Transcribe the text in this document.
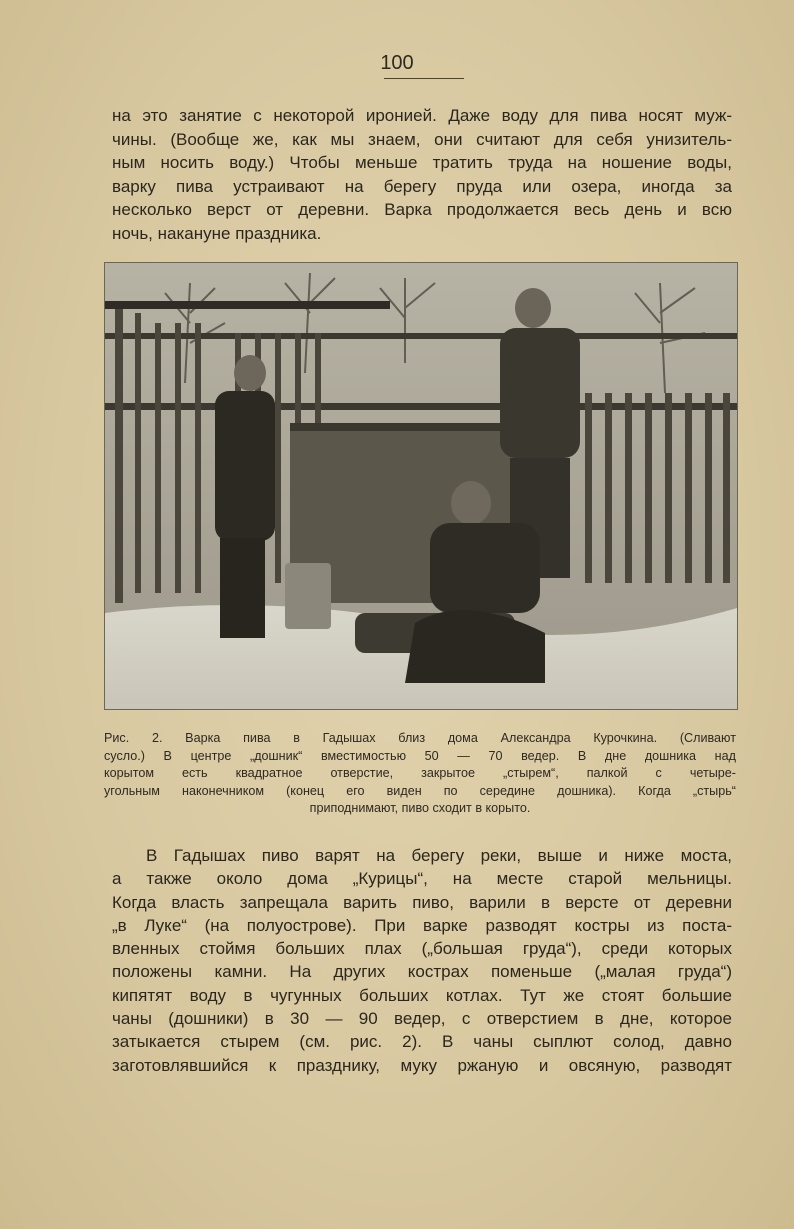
100
на это занятие с некоторой иронией. Даже воду для пива носят муж-
чины. (Вообще же, как мы знаем, они считают для себя унизитель-
ным носить воду.) Чтобы меньше тратить труда на ношение воды,
варку пива устраивают на берегу пруда или озера, иногда за
несколько верст от деревни. Варка продолжается весь день и всю
ночь, накануне праздника.
Рис. 2. Варка пива в Гадышах близ дома Александра Курочкина. (Сливают
сусло.) В центре „дошник“ вместимостью 50 — 70 ведер. В дне дошника над
корытом есть квадратное отверстие, закрытое „стырем“, палкой с четыре-
угольным наконечником (конец его виден по середине дошника). Когда „стырь“
приподнимают, пиво сходит в корыто.
В Гадышах пиво варят на берегу реки, выше и ниже моста,
а также около дома „Курицы“, на месте старой мельницы.
Когда власть запрещала варить пиво, варили в версте от деревни
„в Луке“ (на полуострове). При варке разводят костры из поста-
вленных стоймя больших плах („большая груда“), среди которых
положены камни. На других кострах поменьше („малая груда“)
кипятят воду в чугунных больших котлах. Тут же стоят большие
чаны (дошники) в 30 — 90 ведер, с отверстием в дне, которое
затыкается стырем (см. рис. 2). В чаны сыплют солод, давно
заготовлявшийся к празднику, муку ржаную и овсяную, разводят
